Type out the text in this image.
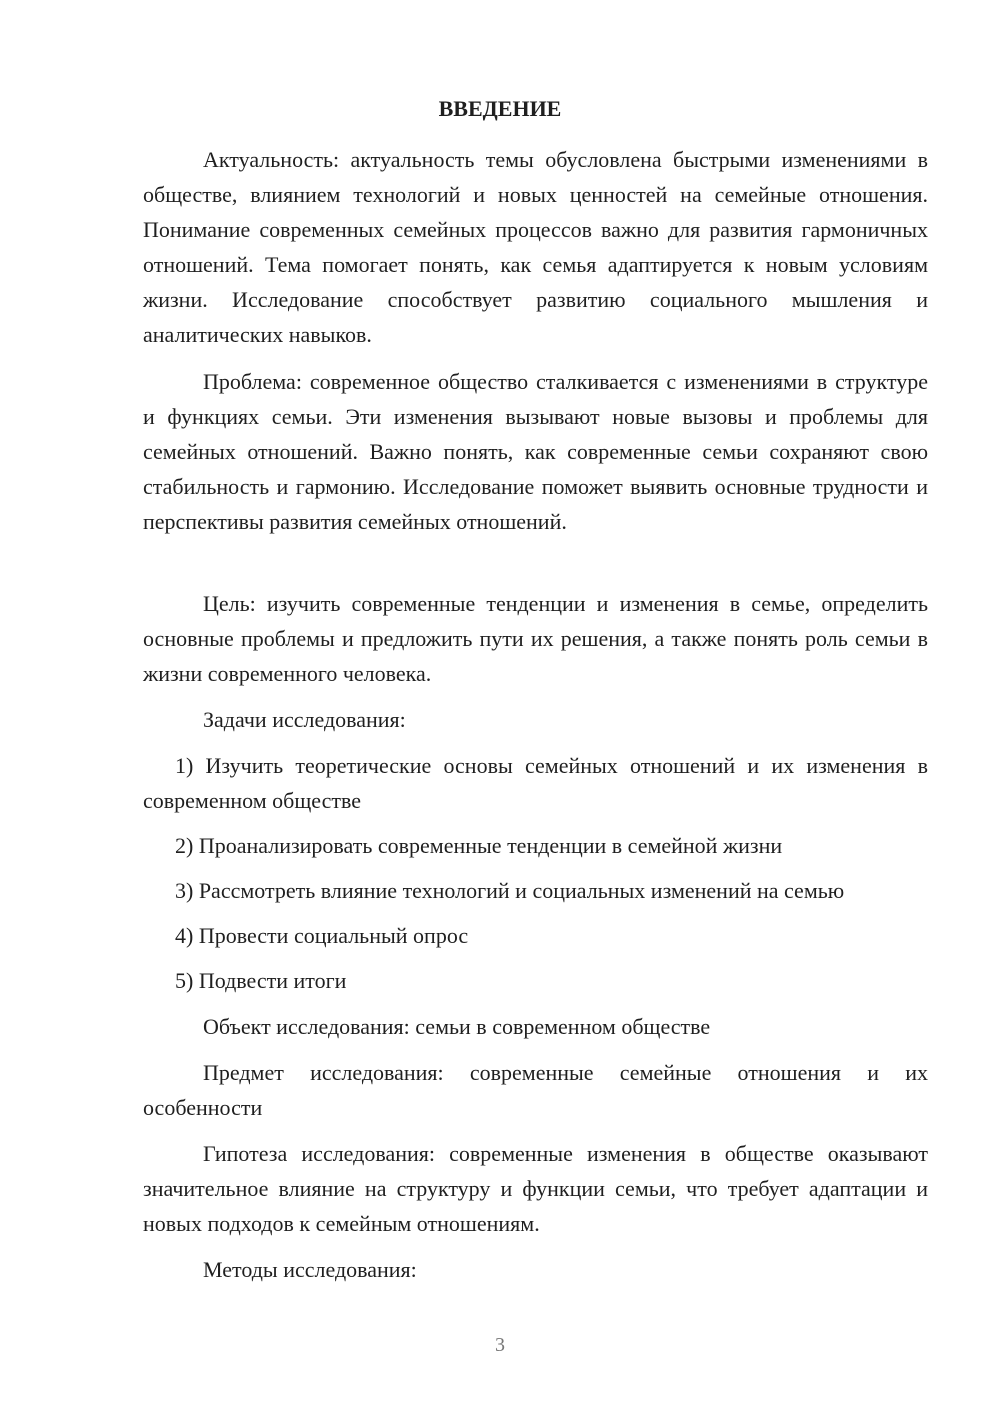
ВВЕДЕНИЕ

Актуальность: актуальность темы обусловлена быстрыми изменениями в обществе, влиянием технологий и новых ценностей на семейные отношения. Понимание современных семейных процессов важно для развития гармоничных отношений. Тема помогает понять, как семья адаптируется к новым условиям жизни. Исследование способствует развитию социального мышления и аналитических навыков.

Проблема: современное общество сталкивается с изменениями в структуре и функциях семьи. Эти изменения вызывают новые вызовы и проблемы для семейных отношений. Важно понять, как современные семьи сохраняют свою стабильность и гармонию. Исследование поможет выявить основные трудности и перспективы развития семейных отношений.

Цель: изучить современные тенденции и изменения в семье, определить основные проблемы и предложить пути их решения, а также понять роль семьи в жизни современного человека.

Задачи исследования:

1) Изучить теоретические основы семейных отношений и их изменения в современном обществе

2) Проанализировать современные тенденции в семейной жизни

3) Рассмотреть влияние технологий и социальных изменений на семью

4) Провести социальный опрос

5) Подвести итоги

Объект исследования: семьи в современном обществе

Предмет исследования: современные семейные отношения и их особенности

Гипотеза исследования: современные изменения в обществе оказывают значительное влияние на структуру и функции семьи, что требует адаптации и новых подходов к семейным отношениям.

Методы исследования:

3
